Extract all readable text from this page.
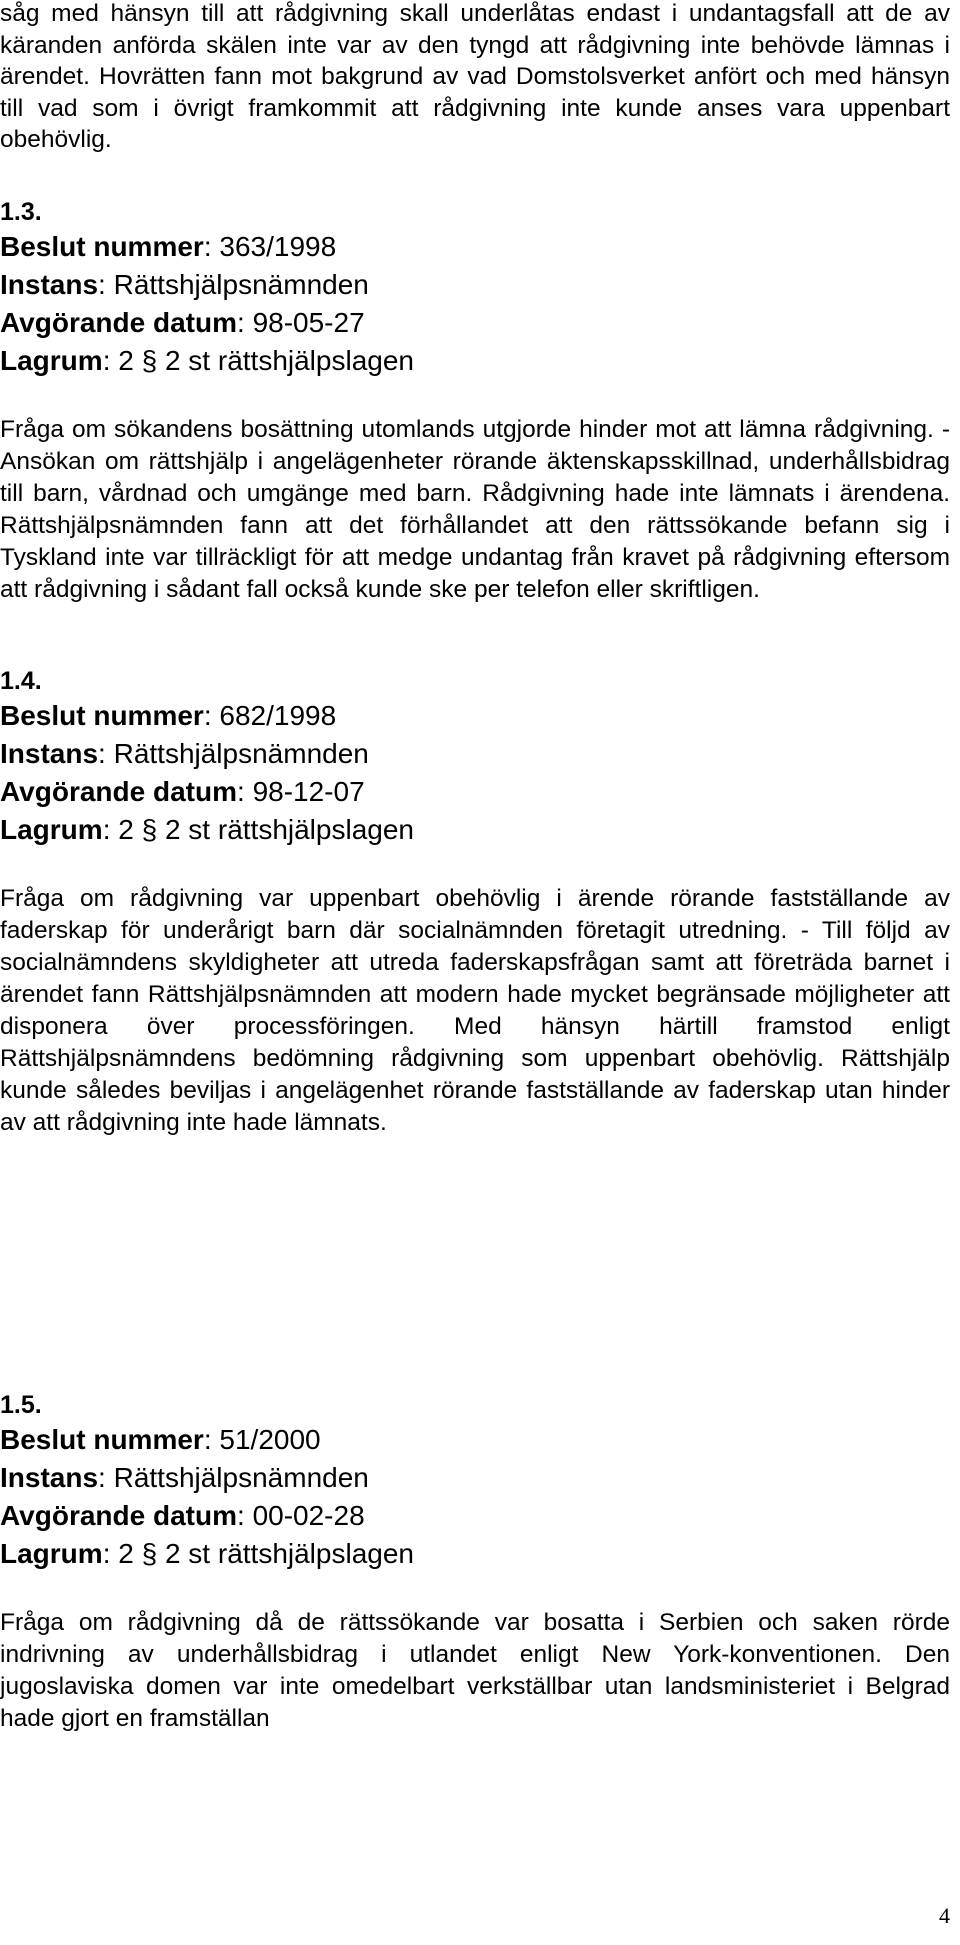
såg med hänsyn till att rådgivning skall underlåtas endast i undantagsfall att de av käranden anförda skälen inte var av den tyngd att rådgivning inte behövde lämnas i ärendet. Hovrätten fann mot bakgrund av vad Domstolsverket anfört och med hänsyn till vad som i övrigt framkommit att rådgivning inte kunde anses vara uppenbart obehövlig.

1.3.

Beslut nummer: 363/1998

Instans: Rättshjälpsnämnden

Avgörande datum: 98-05-27

Lagrum: 2 § 2 st rättshjälpslagen

Fråga om sökandens bosättning utomlands utgjorde hinder mot att lämna rådgivning. - Ansökan om rättshjälp i angelägenheter rörande äktenskapsskillnad, underhållsbidrag till barn, vårdnad och umgänge med barn. Rådgivning hade inte lämnats i ärendena. Rättshjälpsnämnden fann att det förhållandet att den rättssökande befann sig i Tyskland inte var tillräckligt för att medge undantag från kravet på rådgivning eftersom att rådgivning i sådant fall också kunde ske per telefon eller skriftligen.

1.4.

Beslut nummer: 682/1998

Instans: Rättshjälpsnämnden

Avgörande datum: 98-12-07

Lagrum: 2 § 2 st rättshjälpslagen

Fråga om rådgivning var uppenbart obehövlig i ärende rörande fastställande av faderskap för underårigt barn där socialnämnden företagit utredning. - Till följd av socialnämndens skyldigheter att utreda faderskapsfrågan samt att företräda barnet i ärendet fann Rättshjälpsnämnden att modern hade mycket begränsade möjligheter att disponera över processföringen. Med hänsyn härtill framstod enligt Rättshjälpsnämndens bedömning rådgivning som uppenbart obehövlig. Rättshjälp kunde således beviljas i angelägenhet rörande fastställande av faderskap utan hinder av att rådgivning inte hade lämnats.

1.5.

Beslut nummer: 51/2000

Instans: Rättshjälpsnämnden

Avgörande datum: 00-02-28

Lagrum: 2 § 2 st rättshjälpslagen

Fråga om rådgivning då de rättssökande var bosatta i Serbien och saken rörde indrivning av underhållsbidrag i utlandet enligt New York-konventionen. Den jugoslaviska domen var inte omedelbart verkställbar utan landsministeriet i Belgrad hade gjort en framställan

4
